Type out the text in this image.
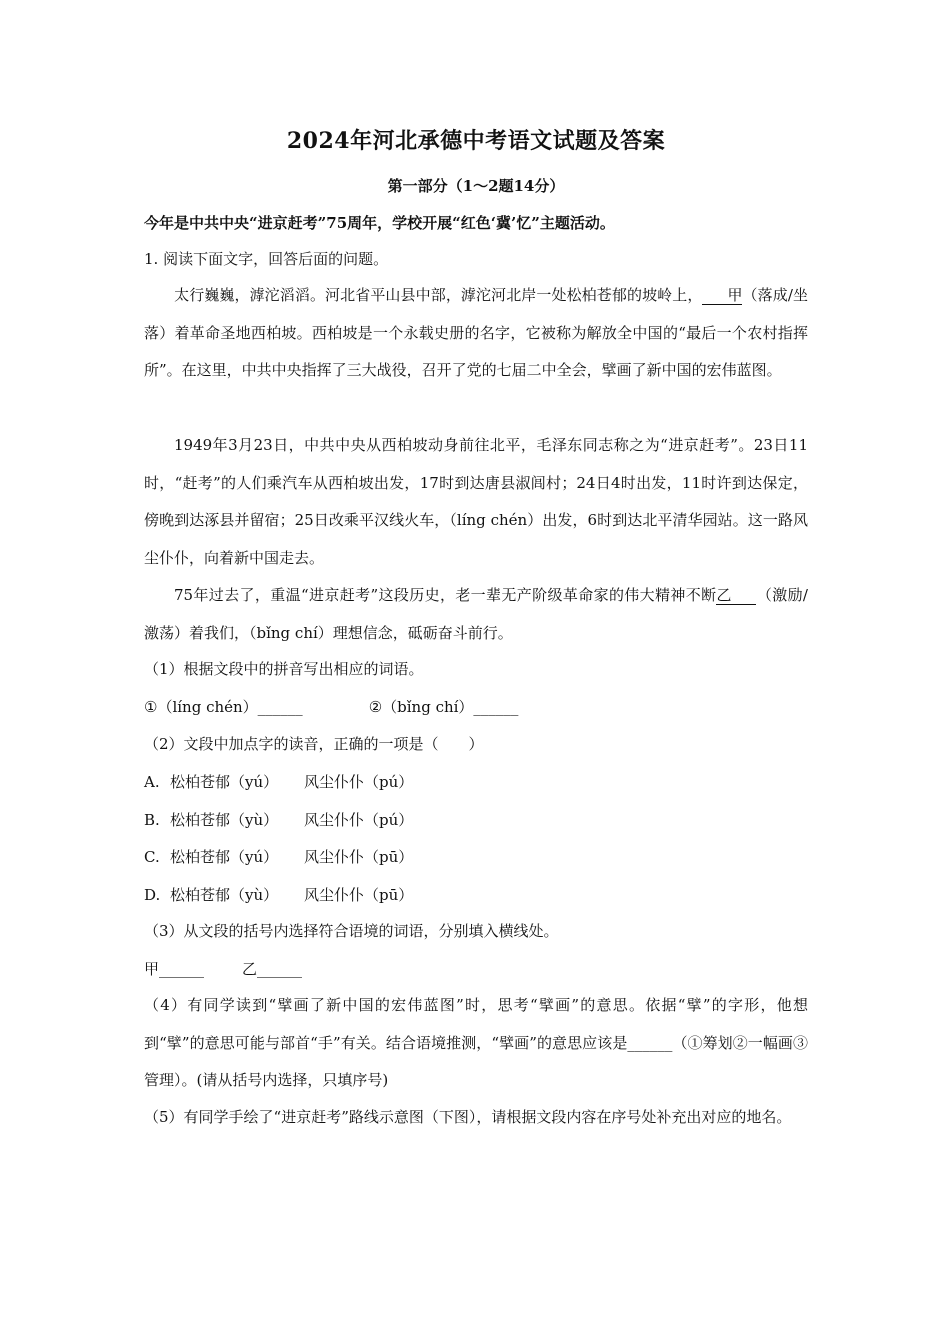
2024年河北承德中考语文试题及答案
第一部分（1～2题14分）
今年是中共中央“进京赶考”75周年，学校开展“红色‘冀’忆”主题活动。
1. 阅读下面文字，回答后面的问题。
太行巍巍，滹沱滔滔。河北省平山县中部，滹沱河北岸一处松柏苍郁的坡岭上， 甲（落成/坐落）着革命圣地西柏坡。西柏坡是一个永载史册的名字，它被称为解放全中国的“最后一个农村指挥所”。在这里，中共中央指挥了三大战役，召开了党的七届二中全会，擘画了新中国的宏伟蓝图。
1949年3月23日，中共中央从西柏坡动身前往北平，毛泽东同志称之为“进京赶考”。23日11时，“赶考”的人们乘汽车从西柏坡出发，17时到达唐县淑闾村；24日4时出发，11时许到达保定，傍晚到达涿县并留宿；25日改乘平汉线火车，（líng chén）出发，6时到达北平清华园站。这一路风尘仆仆，向着新中国走去。
75年过去了，重温“进京赶考”这段历史，老一辈无产阶级革命家的伟大精神不断乙 （激励/激荡）着我们，（bǐng chí）理想信念，砥砺奋斗前行。
（1）根据文段中的拼音写出相应的词语。
①（líng chén）______	②（bǐng chí）______
（2）文段中加点字的读音，正确的一项是（　　）
A. 松柏苍郁（yú） 风尘仆仆（pú）
B. 松柏苍郁（yù） 风尘仆仆（pú）
C. 松柏苍郁（yú） 风尘仆仆（pū）
D. 松柏苍郁（yù） 风尘仆仆（pū）
（3）从文段的括号内选择符合语境的词语，分别填入横线处。
甲______	乙______
（4）有同学读到“擘画了新中国的宏伟蓝图”时，思考“擘画”的意思。依据“擘”的字形，他想到“擘”的意思可能与部首“手”有关。结合语境推测，“擘画”的意思应该是______（①筹划②一幅画③管理）。(请从括号内选择，只填序号)
（5）有同学手绘了“进京赶考”路线示意图（下图），请根据文段内容在序号处补充出对应的地名。
